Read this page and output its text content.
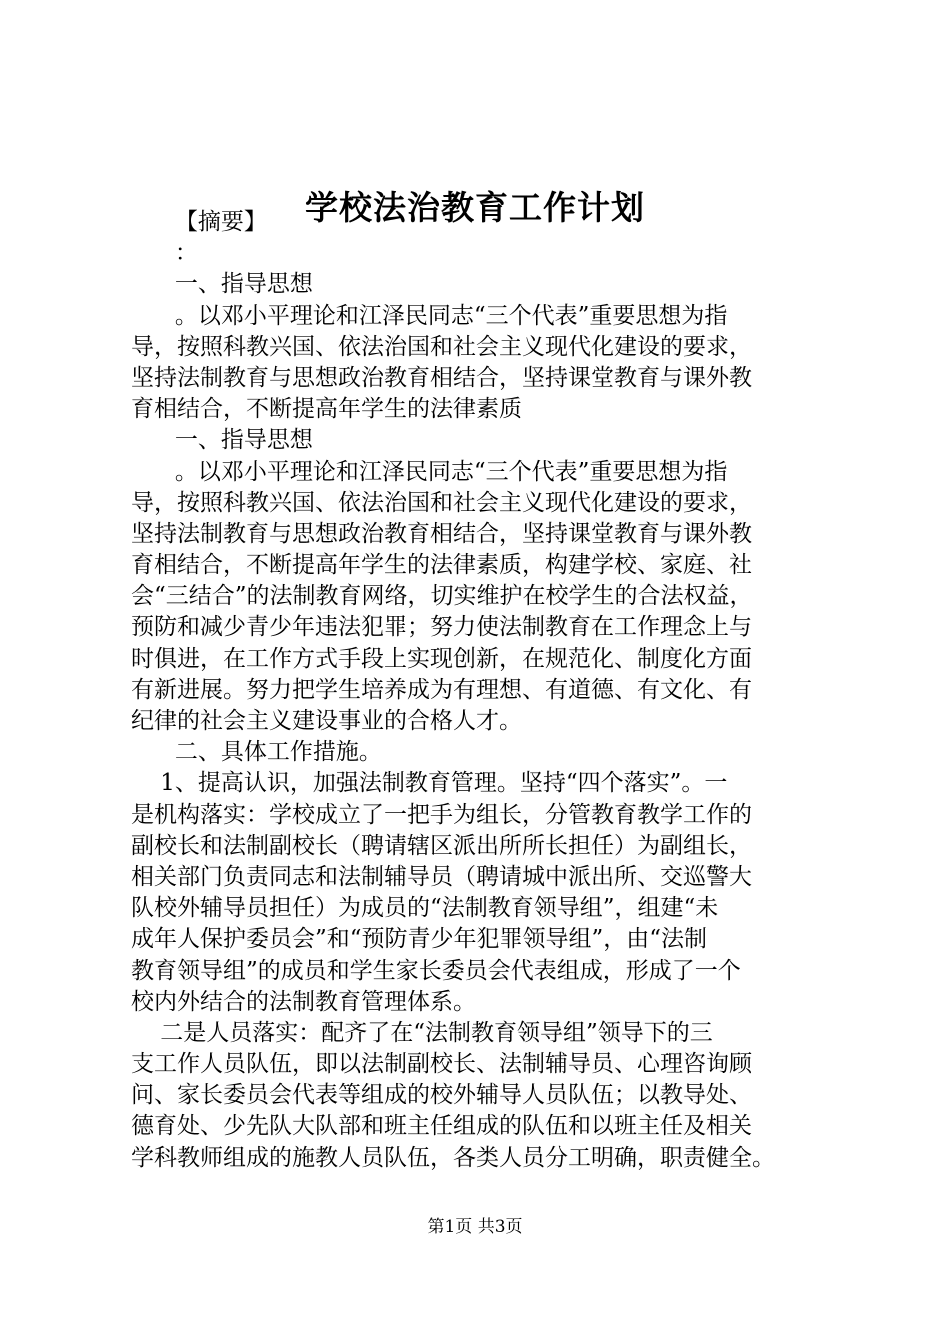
学校法治教育工作计划
【摘要】
：
一、指导思想
。以邓小平理论和江泽民同志“三个代表”重要思想为指
导，按照科教兴国、依法治国和社会主义现代化建设的要求，
坚持法制教育与思想政治教育相结合，坚持课堂教育与课外教
育相结合，不断提高年学生的法律素质
一、指导思想
。以邓小平理论和江泽民同志“三个代表”重要思想为指
导，按照科教兴国、依法治国和社会主义现代化建设的要求，
坚持法制教育与思想政治教育相结合，坚持课堂教育与课外教
育相结合，不断提高年学生的法律素质，构建学校、家庭、社
会“三结合”的法制教育网络，切实维护在校学生的合法权益，
预防和减少青少年违法犯罪；努力使法制教育在工作理念上与
时俱进，在工作方式手段上实现创新，在规范化、制度化方面
有新进展。努力把学生培养成为有理想、有道德、有文化、有
纪律的社会主义建设事业的合格人才。
二、具体工作措施。
1、提高认识，加强法制教育管理。坚持“四个落实”。一
是机构落实：学校成立了一把手为组长，分管教育教学工作的
副校长和法制副校长（聘请辖区派出所所长担任）为副组长，
相关部门负责同志和法制辅导员（聘请城中派出所、交巡警大
队校外辅导员担任）为成员的“法制教育领导组”，组建“未
成年人保护委员会”和“预防青少年犯罪领导组”，由“法制
教育领导组”的成员和学生家长委员会代表组成，形成了一个
校内外结合的法制教育管理体系。
二是人员落实：配齐了在“法制教育领导组”领导下的三
支工作人员队伍，即以法制副校长、法制辅导员、心理咨询顾
问、家长委员会代表等组成的校外辅导人员队伍；以教导处、
德育处、少先队大队部和班主任组成的队伍和以班主任及相关
学科教师组成的施教人员队伍，各类人员分工明确，职责健全。
第1页 共3页
